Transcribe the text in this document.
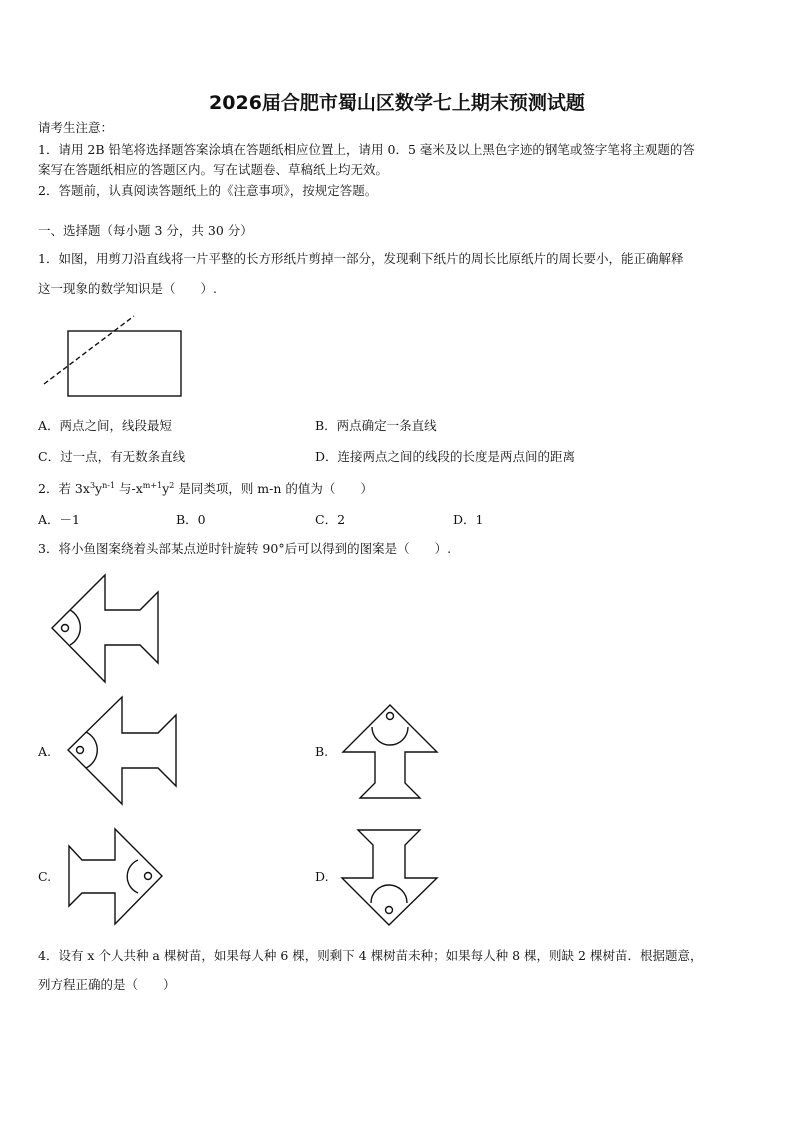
2026届合肥市蜀山区数学七上期末预测试题
请考生注意：
1．请用 2B 铅笔将选择题答案涂填在答题纸相应位置上，请用 0．5 毫米及以上黑色字迹的钢笔或签字笔将主观题的答
案写在答题纸相应的答题区内。写在试题卷、草稿纸上均无效。
2．答题前，认真阅读答题纸上的《注意事项》，按规定答题。
一、选择题（每小题 3 分，共 30 分）
1．如图，用剪刀沿直线将一片平整的长方形纸片剪掉一部分，发现剩下纸片的周长比原纸片的周长要小，能正确解释
这一现象的数学知识是（　　）.
A．两点之间，线段最短	B．两点确定一条直线
C．过一点，有无数条直线	D．连接两点之间的线段的长度是两点间的距离
2．若 $3x^3y^{n-1}$ 与$-x^{m+1}y^2$ 是同类项，则 m-n 的值为（　　）
A．－1	B．0	C．2	D．1
3．将小鱼图案绕着头部某点逆时针旋转 90°后可以得到的图案是（　　）.
A.	B.
C.	D.
4．设有 x 个人共种 a 棵树苗，如果每人种 6 棵，则剩下 4 棵树苗未种；如果每人种 8 棵，则缺 2 棵树苗．根据题意，
列方程正确的是（　　）
